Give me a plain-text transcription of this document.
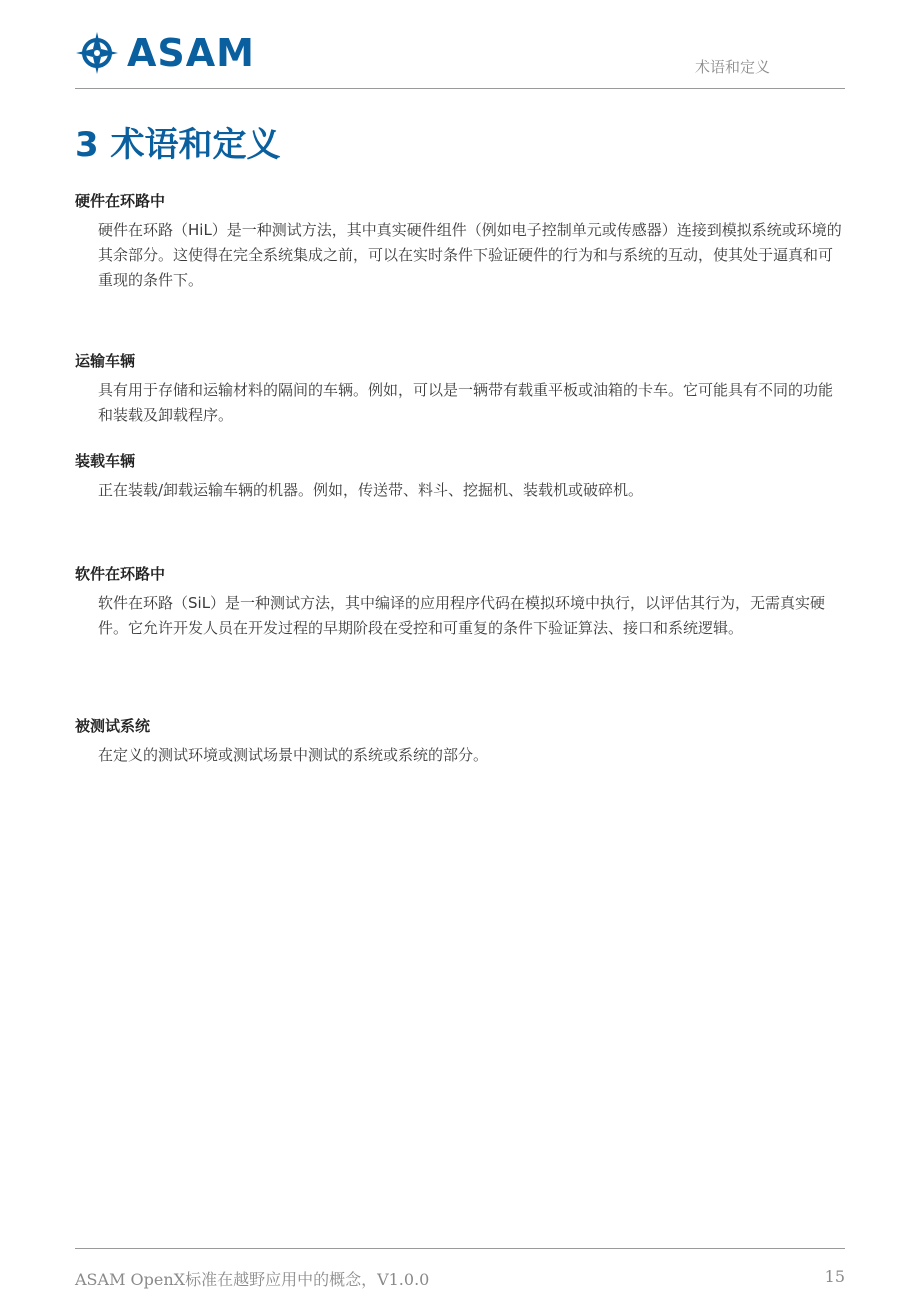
ASAM	术语和定义
3 术语和定义
硬件在环路中

硬件在环路（HiL）是一种测试方法，其中真实硬件组件（例如电子控制单元或传感器）连接到模拟系统或环境的其余部分。这使得在完全系统集成之前，可以在实时条件下验证硬件的行为和与系统的互动，使其处于逼真和可重现的条件下。

运输车辆

具有用于存储和运输材料的隔间的车辆。例如，可以是一辆带有载重平板或油箱的卡车。它可能具有不同的功能和装载及卸载程序。

装载车辆

正在装载/卸载运输车辆的机器。例如，传送带、料斗、挖掘机、装载机或破碎机。

软件在环路中

软件在环路（SiL）是一种测试方法，其中编译的应用程序代码在模拟环境中执行，以评估其行为，无需真实硬件。它允许开发人员在开发过程的早期阶段在受控和可重复的条件下验证算法、接口和系统逻辑。

被测试系统

在定义的测试环境或测试场景中测试的系统或系统的部分。

ASAM OpenX标准在越野应用中的概念，V1.0.0	15
